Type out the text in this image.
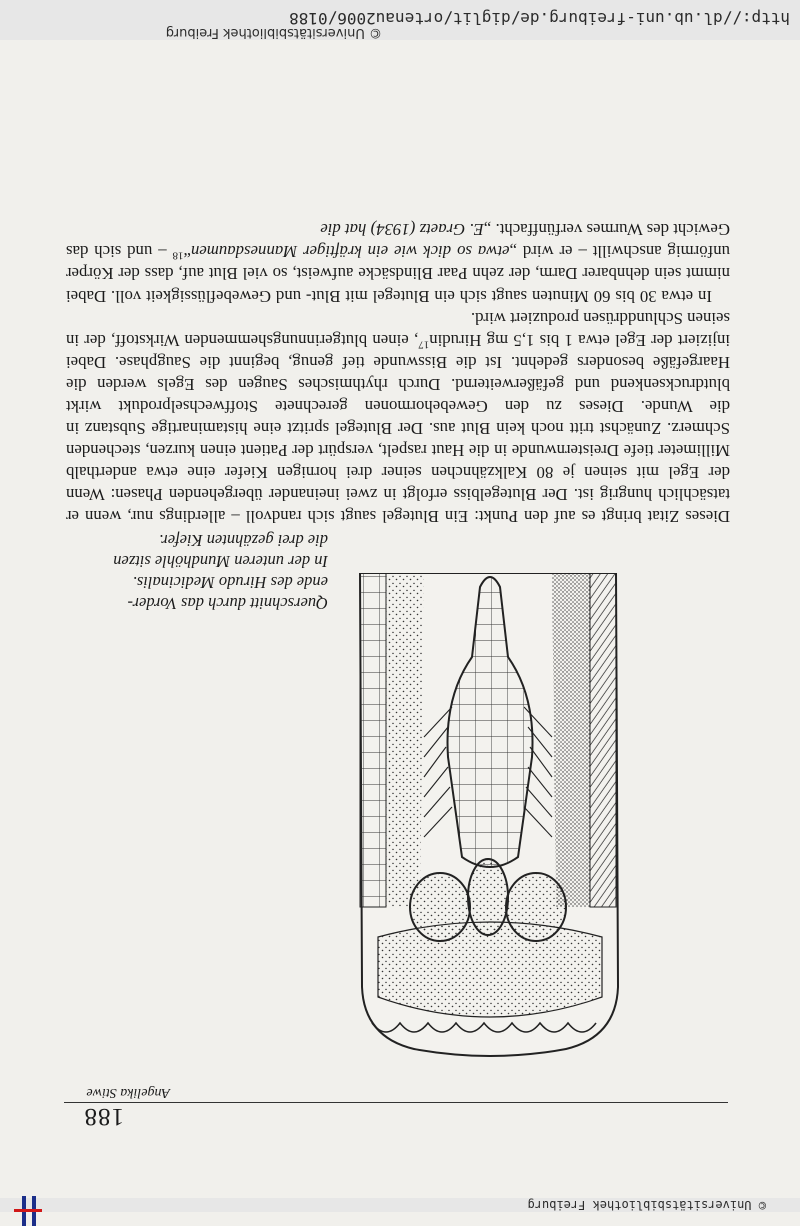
© Universitätsbibliothek Freiburg
http://dl.ub.uni-freiburg.de/diglit/ortenau2006/0188
© Universitätsbibliothek Freiburg
188
Angelika Stiwe
Querschnitt durch das Vorder-
ende des Hirudo Medicinalis.
In der unteren Mundhöhle sitzen
die drei gezähnten Kiefer.

Dieses Zitat bringt es auf den Punkt: Ein Blutegel saugt sich randvoll – allerdings nur, wenn er tatsächlich hungrig ist. Der Blutegelbiss erfolgt in zwei ineinander übergehenden Phasen: Wenn der Egel mit seinen je 80 Kalkzähnchen seiner drei hornigen Kiefer eine etwa anderthalb Millimeter tiefe Dreisternwunde in die Haut raspelt, verspürt der Patient einen kurzen, stechenden Schmerz. Zunächst tritt noch kein Blut aus. Der Blutegel spritzt eine histaminartige Substanz in die Wunde. Dieses zu den Gewebehormonen gerechnete Stoffwechselprodukt wirkt blutdrucksenkend und gefäßerweiternd. Durch rhythmisches Saugen des Egels werden die Haargefäße besonders gedehnt. Ist die Bisswunde tief genug, beginnt die Saugphase. Dabei injiziert der Egel etwa 1 bis 1,5 mg Hirudin$^{17}$, einen blutgerinnungshemmenden Wirkstoff, der in seinen Schlunddrüsen produziert wird.

In etwa 30 bis 60 Minuten saugt sich ein Blutegel mit Blut- und Gewebeflüssigkeit voll. Dabei nimmt sein dehnbarer Darm, der zehn Paar Blindsäcke aufweist, so viel Blut auf, dass der Körper unförmig anschwillt – er wird „etwa so dick wie ein kräftiger Mannesdaumen“$^{18}$ – und sich das Gewicht des Wurmes verfünffacht. „E. Graetz (1934) hat die
